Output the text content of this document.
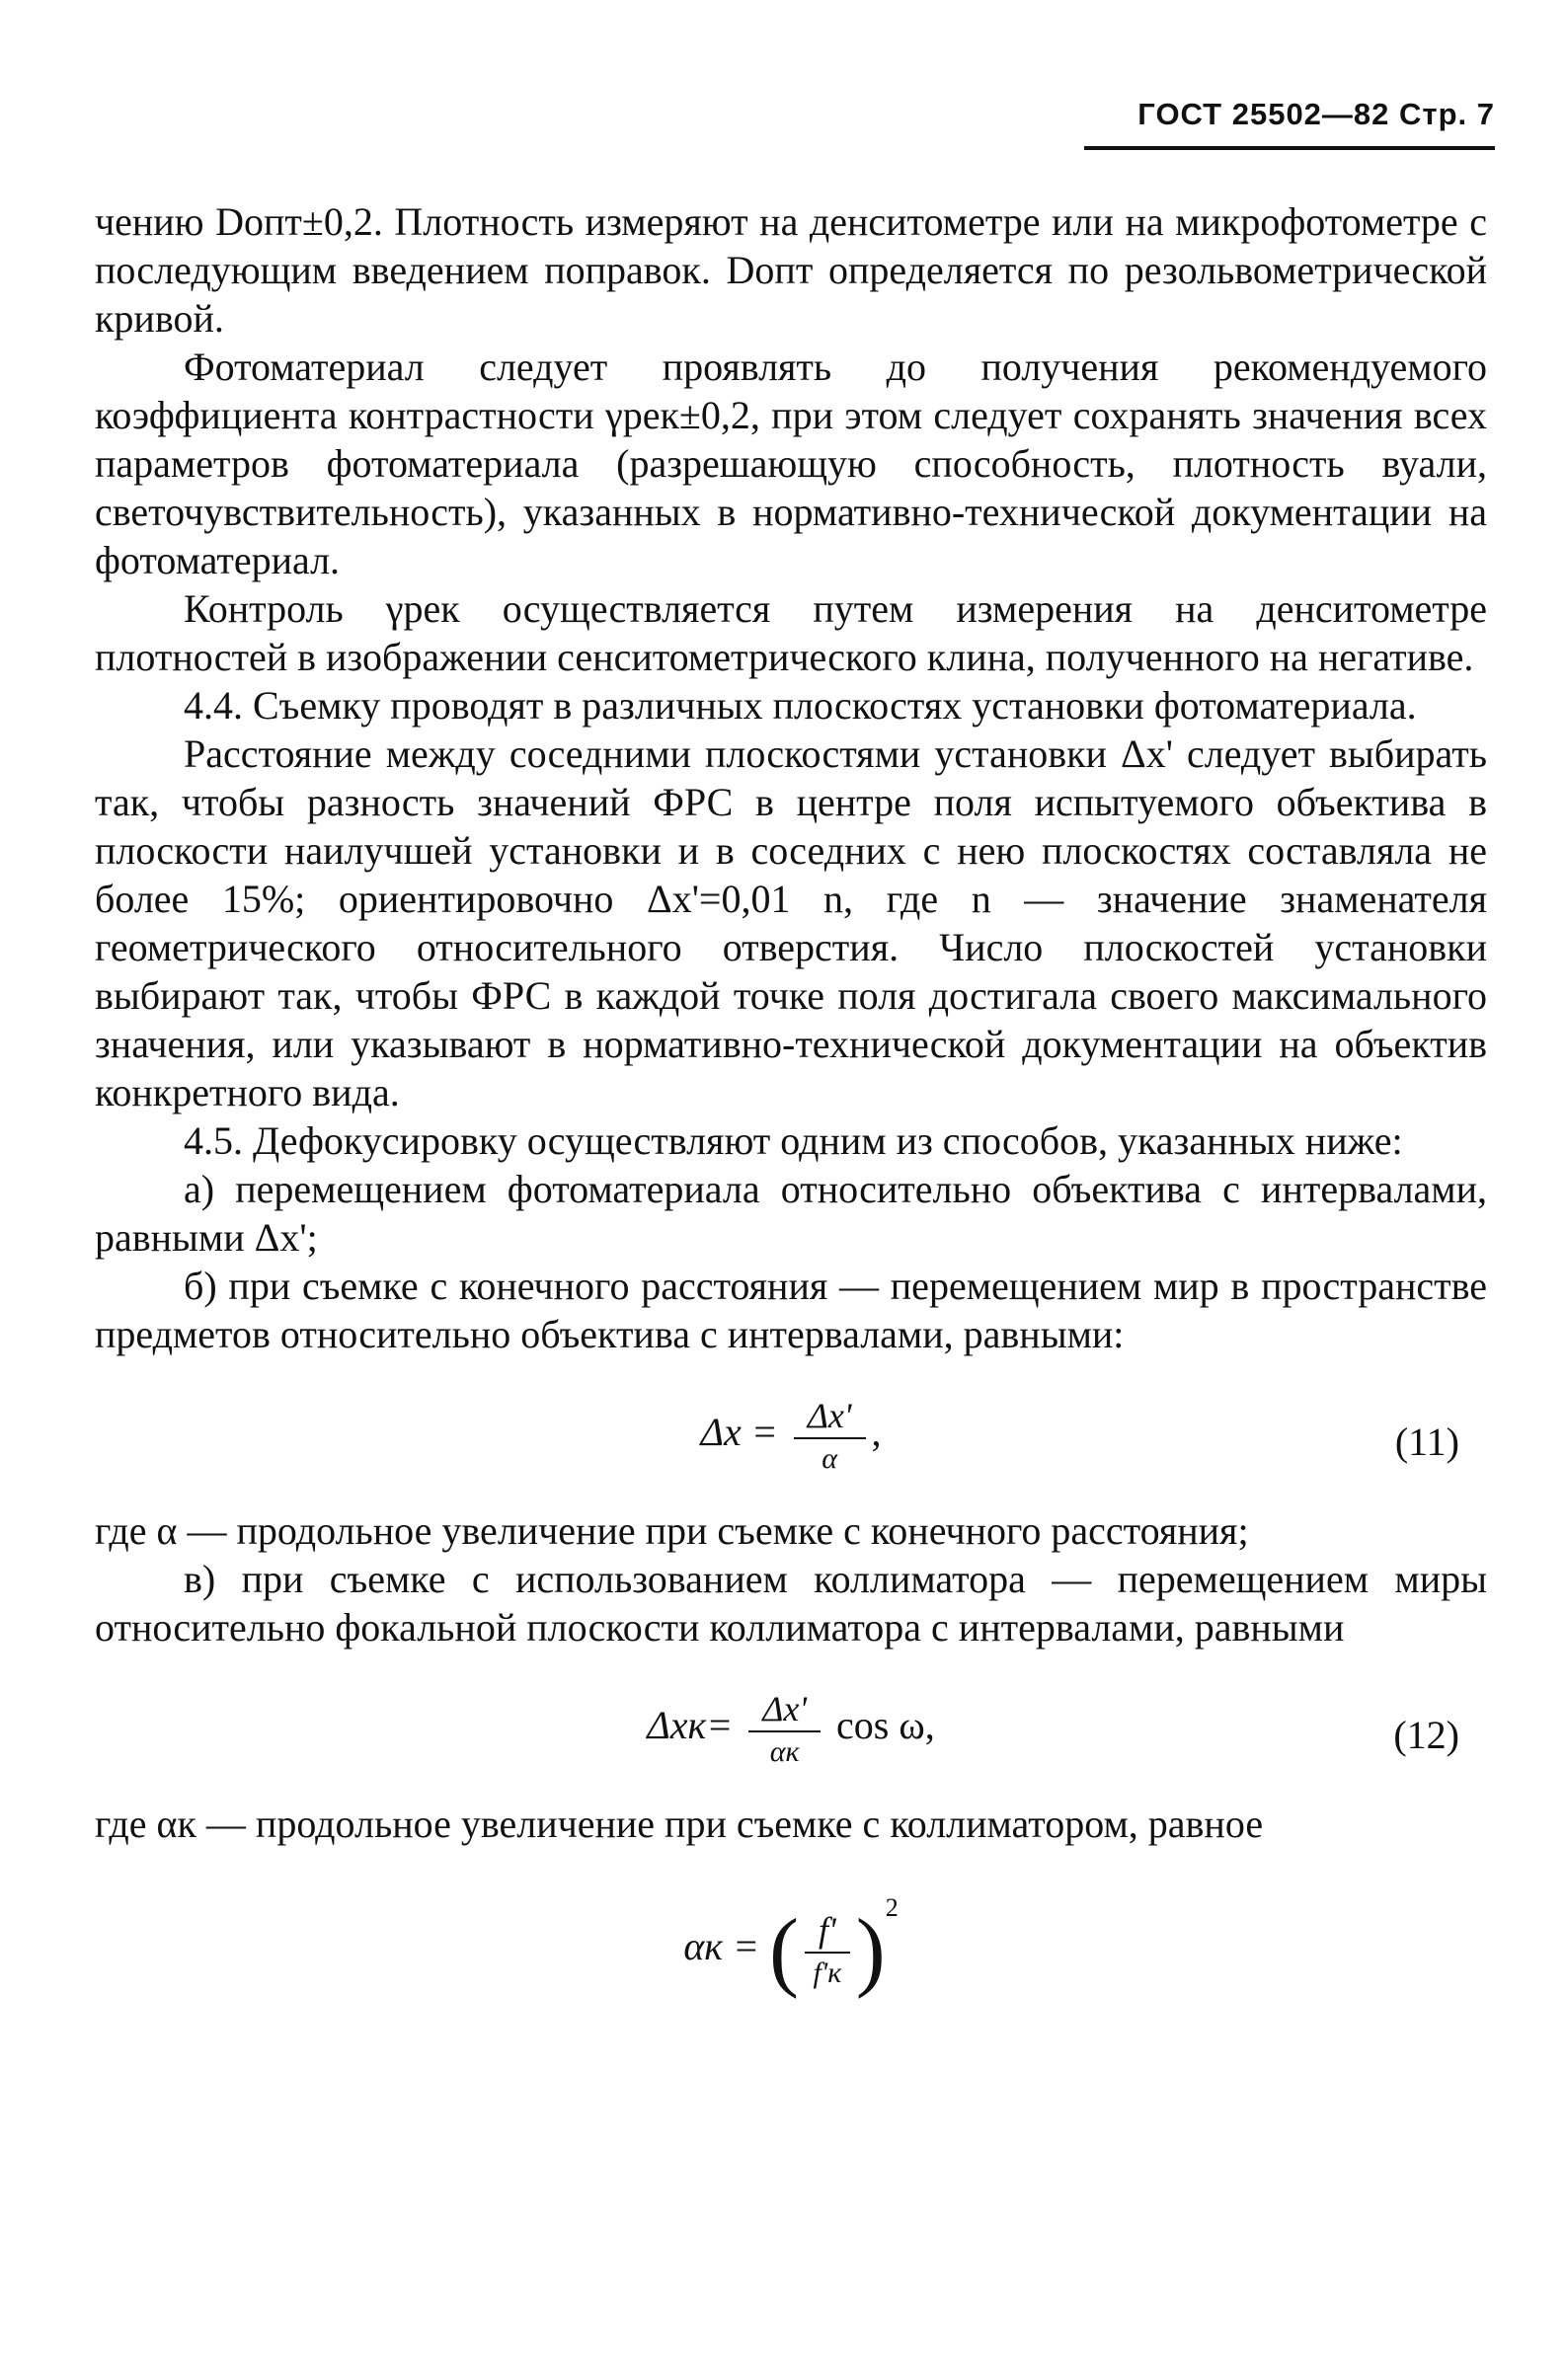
ГОСТ 25502—82 Стр. 7

чению Dопт±0,2. Плотность измеряют на денситометре или на микрофотометре с последующим введением поправок. Dопт определяется по резольвометрической кривой.

Фотоматериал следует проявлять до получения рекомендуемого коэффициента контрастности γрек±0,2, при этом следует сохранять значения всех параметров фотоматериала (разрешающую способность, плотность вуали, светочувствительность), указанных в нормативно-технической документации на фотоматериал.

Контроль γрек осуществляется путем измерения на денситометре плотностей в изображении сенситометрического клина, полученного на негативе.

4.4. Съемку проводят в различных плоскостях установки фотоматериала.

Расстояние между соседними плоскостями установки Δx' следует выбирать так, чтобы разность значений ФРС в центре поля испытуемого объектива в плоскости наилучшей установки и в соседних с нею плоскостях составляла не более 15%; ориентировочно Δx'=0,01 n, где n — значение знаменателя геометрического относительного отверстия. Число плоскостей установки выбирают так, чтобы ФРС в каждой точке поля достигала своего максимального значения, или указывают в нормативно-технической документации на объектив конкретного вида.

4.5. Дефокусировку осуществляют одним из способов, указанных ниже:

а) перемещением фотоматериала относительно объектива с интервалами, равными Δx';

б) при съемке с конечного расстояния — перемещением мир в пространстве предметов относительно объектива с интервалами, равными:

$\Delta x = \frac{\Delta x'}{\alpha}$ ,	(11)

где α — продольное увеличение при съемке с конечного расстояния;

в) при съемке с использованием коллиматора — перемещением миры относительно фокальной плоскости коллиматора с интервалами, равными

$\Delta xк= \frac{\Delta x'}{\alpha к}$ cos ω,	(12)

где αк — продольное увеличение при съемке с коллиматором, равное

αк = ( $\frac{f'}{f'к} )^2$
